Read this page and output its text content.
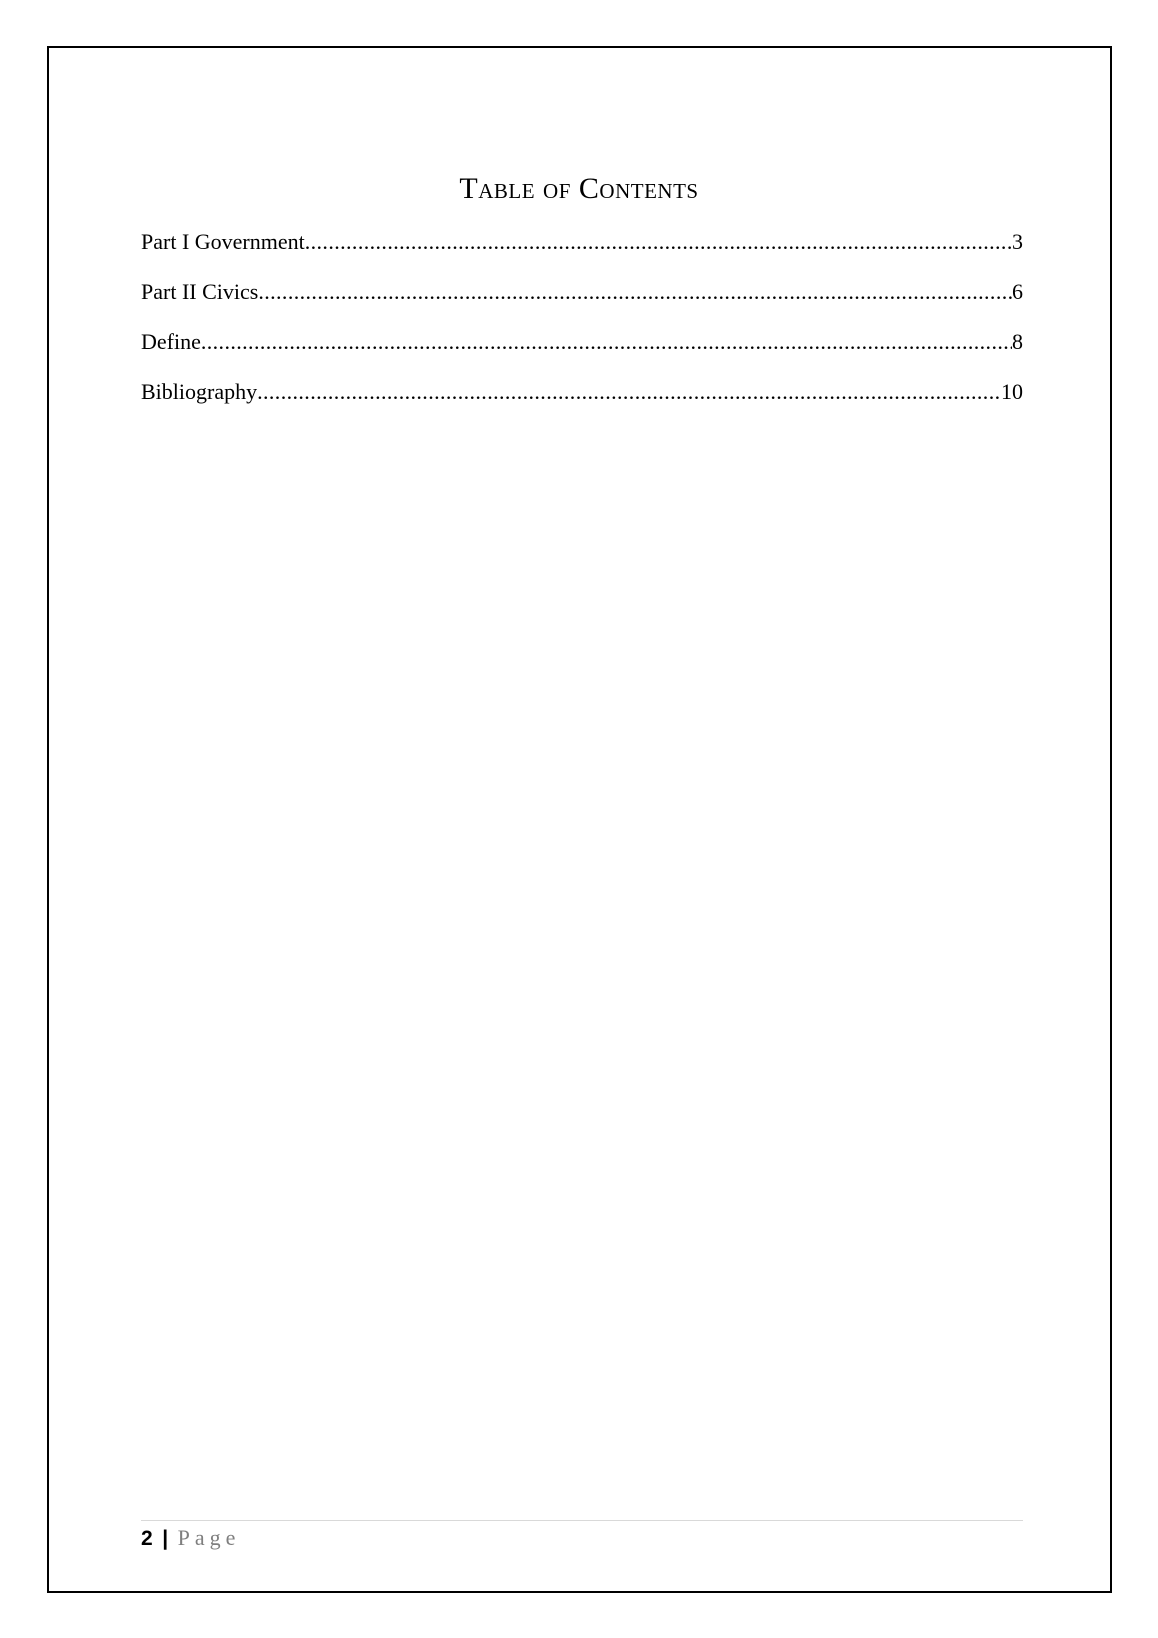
Table of Contents
Part I Government .....	3
Part II Civics .....	6
Define .....	8
Bibliography .....	10
2 | Page
